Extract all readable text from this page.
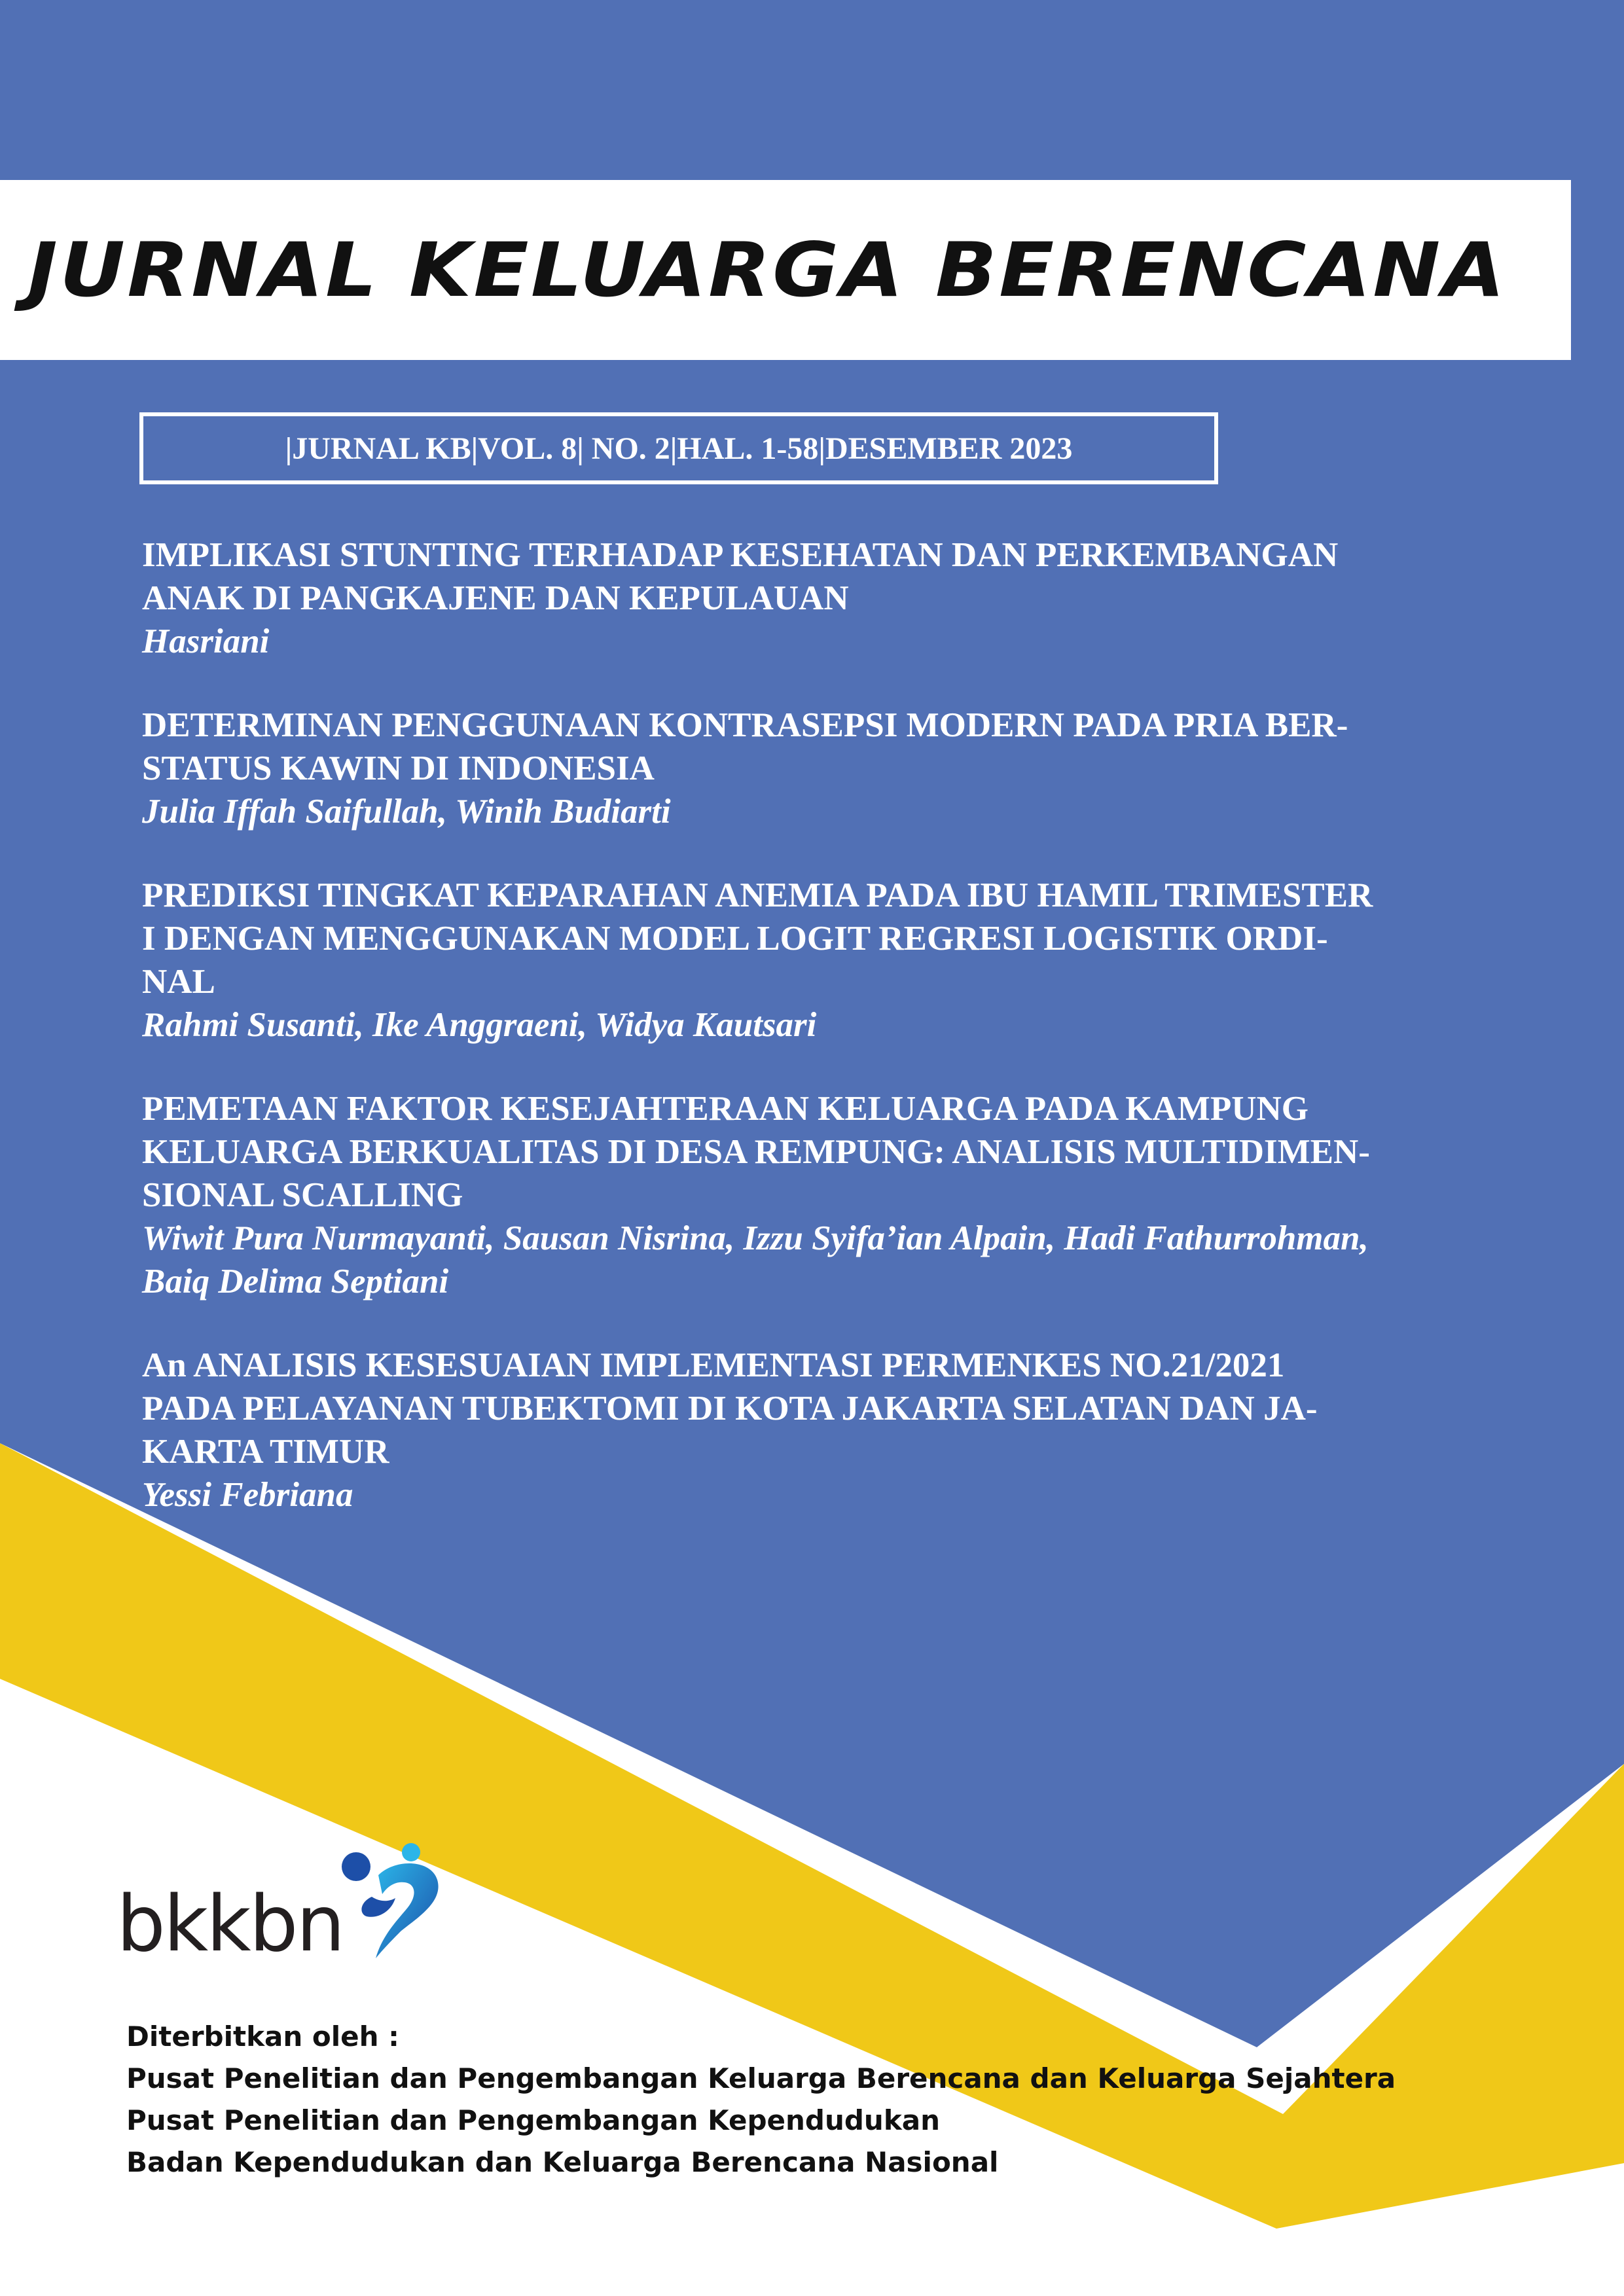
JURNAL KELUARGA BERENCANA
|JURNAL KB|VOL. 8| NO. 2|HAL. 1-58|DESEMBER 2023
IMPLIKASI STUNTING TERHADAP KESEHATAN DAN PERKEMBANGAN
ANAK DI PANGKAJENE DAN KEPULAUAN
Hasriani
DETERMINAN PENGGUNAAN KONTRASEPSI MODERN PADA PRIA BER-
STATUS KAWIN DI INDONESIA
Julia Iffah Saifullah, Winih Budiarti
PREDIKSI TINGKAT KEPARAHAN ANEMIA PADA IBU HAMIL TRIMESTER
I DENGAN MENGGUNAKAN MODEL LOGIT REGRESI LOGISTIK ORDI-
NAL
Rahmi Susanti, Ike Anggraeni, Widya Kautsari
PEMETAAN FAKTOR KESEJAHTERAAN KELUARGA PADA KAMPUNG
KELUARGA BERKUALITAS DI DESA REMPUNG: ANALISIS MULTIDIMEN-
SIONAL SCALLING
Wiwit Pura Nurmayanti, Sausan Nisrina, Izzu Syifa’ian Alpain, Hadi Fathurrohman,
Baiq Delima Septiani
An ANALISIS KESESUAIAN IMPLEMENTASI PERMENKES NO.21/2021
PADA PELAYANAN TUBEKTOMI DI KOTA JAKARTA SELATAN DAN JA-
KARTA TIMUR
Yessi Febriana
bkkbn
Diterbitkan oleh :
Pusat Penelitian dan Pengembangan Keluarga Berencana dan Keluarga Sejahtera
Pusat Penelitian dan Pengembangan Kependudukan
Badan Kependudukan dan Keluarga Berencana Nasional
